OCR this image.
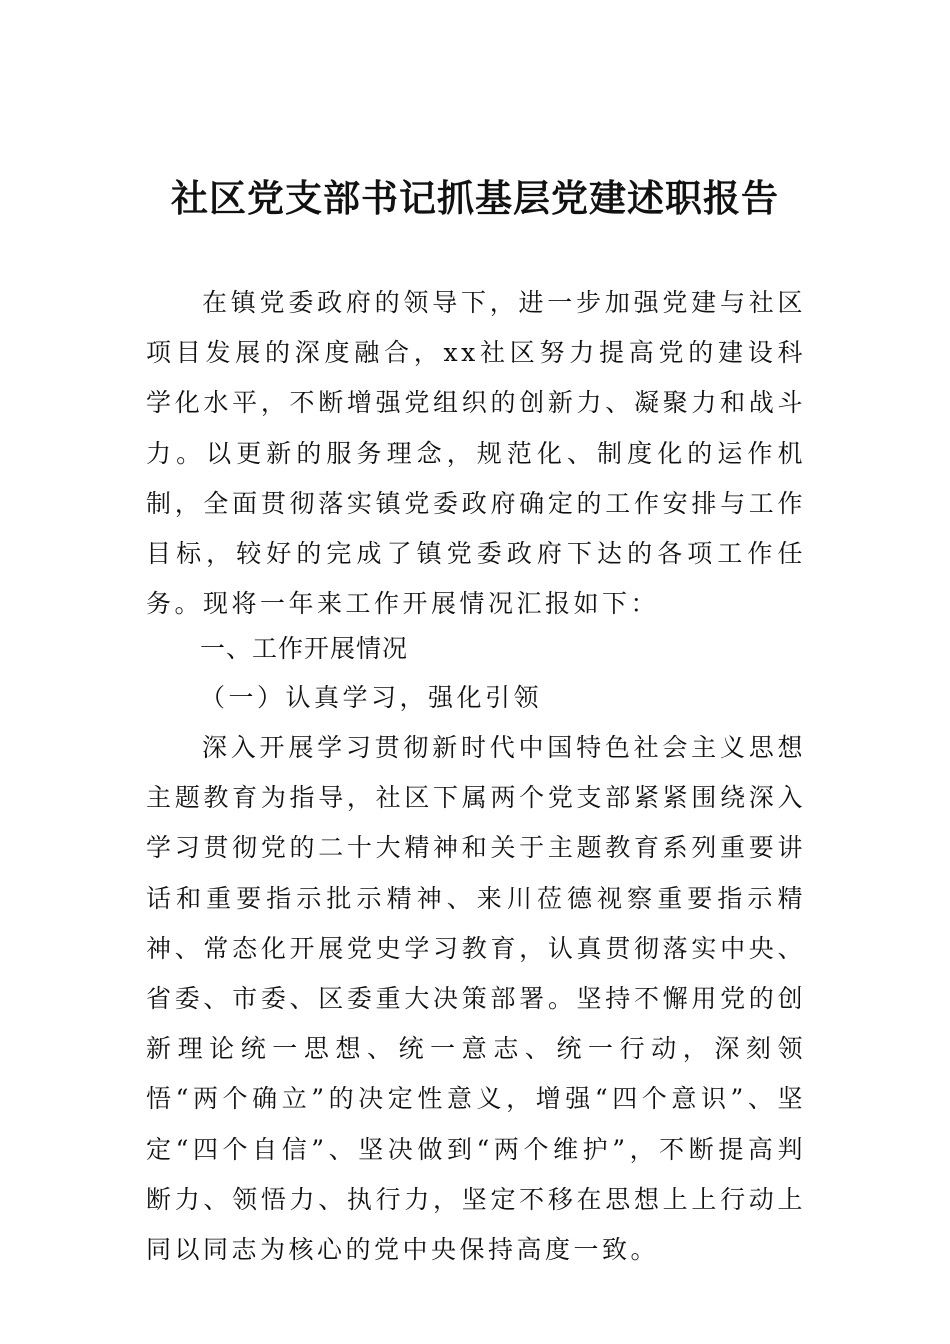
社区党支部书记抓基层党建述职报告

在镇党委政府的领导下，进一步加强党建与社区项目发展的深度融合，xx社区努力提高党的建设科学化水平，不断增强党组织的创新力、凝聚力和战斗力。以更新的服务理念，规范化、制度化的运作机制，全面贯彻落实镇党委政府确定的工作安排与工作目标，较好的完成了镇党委政府下达的各项工作任务。现将一年来工作开展情况汇报如下：

一、工作开展情况
（一）认真学习，强化引领

深入开展学习贯彻新时代中国特色社会主义思想主题教育为指导，社区下属两个党支部紧紧围绕深入学习贯彻党的二十大精神和关于主题教育系列重要讲话和重要指示批示精神、来川莅德视察重要指示精神、常态化开展党史学习教育，认真贯彻落实中央、省委、市委、区委重大决策部署。坚持不懈用党的创新理论统一思想、统一意志、统一行动，深刻领悟“两个确立”的决定性意义，增强“四个意识”、坚定“四个自信”、坚决做到“两个维护”，不断提高判断力、领悟力、执行力，坚定不移在思想上上行动上同以同志为核心的党中央保持高度一致。
